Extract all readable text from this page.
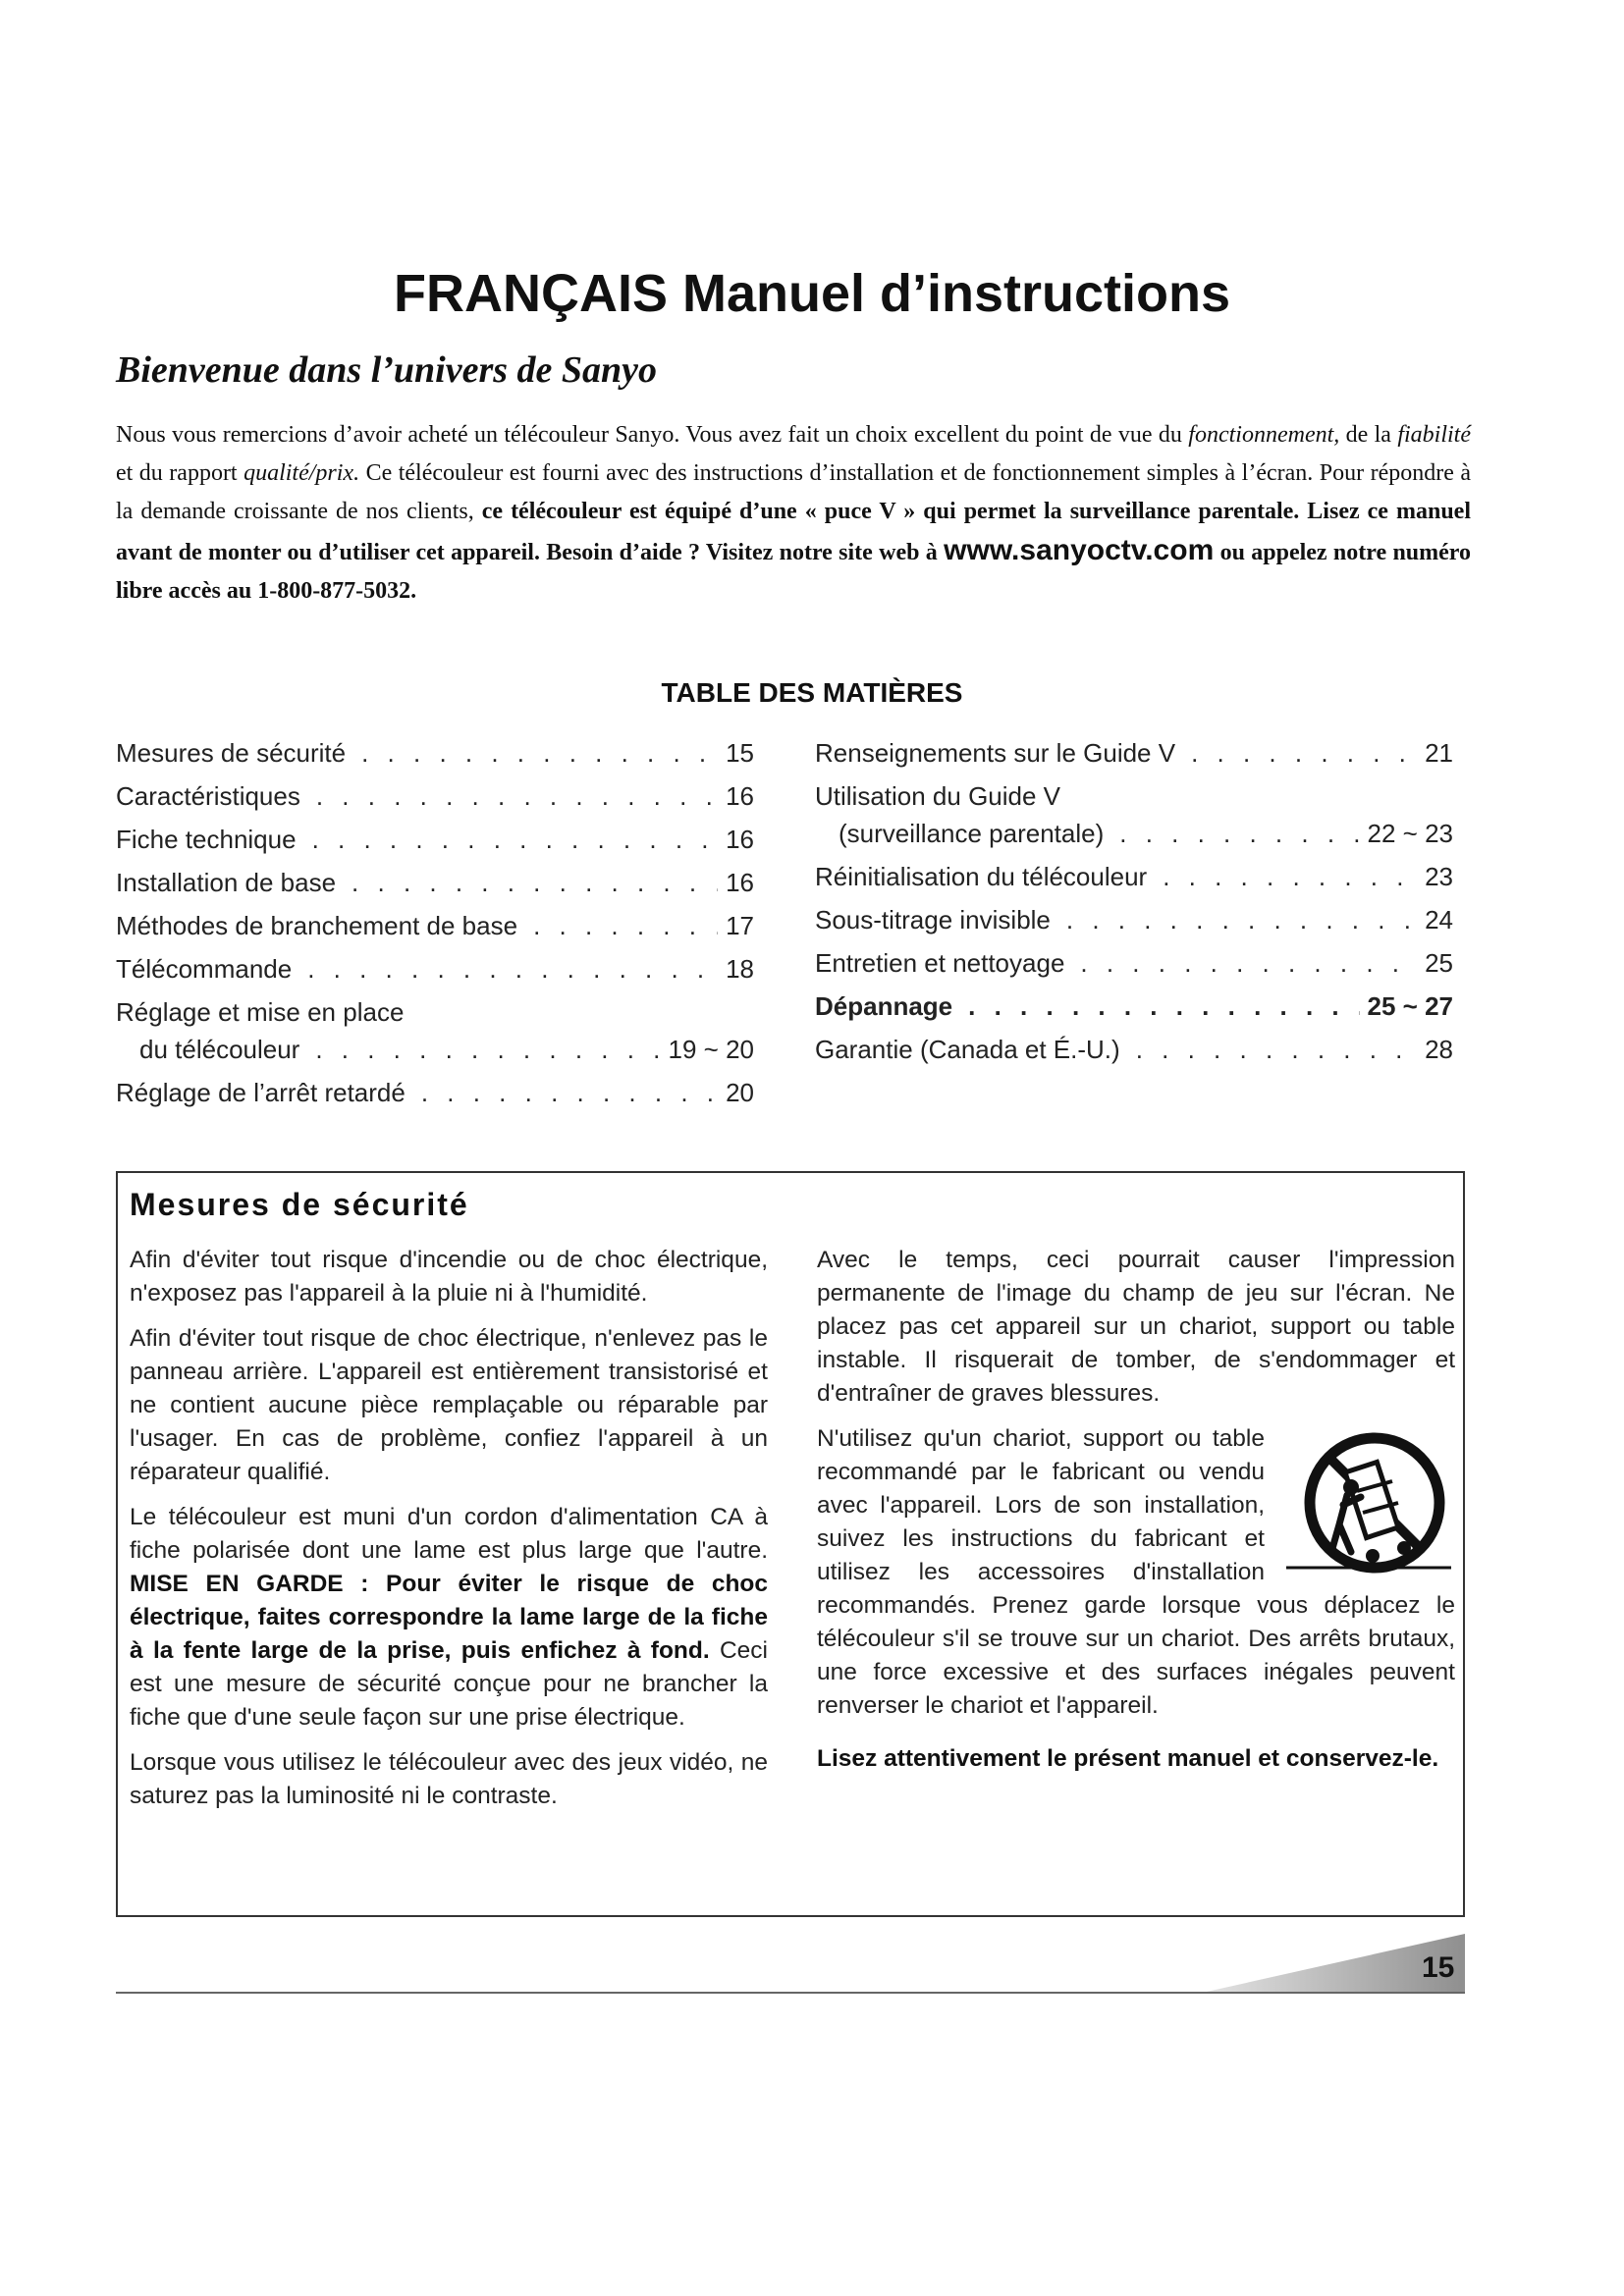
FRANÇAIS Manuel d’instructions
Bienvenue dans l’univers de Sanyo

Nous vous remercions d’avoir acheté un télécouleur Sanyo. Vous avez fait un choix excellent du point de vue du fonctionnement, de la fiabilité et du rapport qualité/prix. Ce télécouleur est fourni avec des instructions d’installation et de fonctionnement simples à l’écran. Pour répondre à la demande croissante de nos clients, ce télécouleur est équipé d’une « puce V » qui permet la surveillance parentale. Lisez ce manuel avant de monter ou d’utiliser cet appareil. Besoin d’aide ? Visitez notre site web à www.sanyoctv.com ou appelez notre numéro libre accès au 1-800-877-5032.

TABLE DES MATIÈRES
Mesures de sécurité . . .	15
Caractéristiques . . .	16
Fiche technique . . .	16
Installation de base . . .	16
Méthodes de branchement de base . . .	17
Télécommande . . .	18
Réglage et mise en place
du télécouleur . . .	19 ~ 20
Réglage de l’arrêt retardé . . .	20
Renseignements sur le Guide V . . .	21
Utilisation du Guide V
(surveillance parentale) . . .	22 ~ 23
Réinitialisation du télécouleur . . .	23
Sous-titrage invisible . . .	24
Entretien et nettoyage . . .	25
Dépannage . . .	25 ~ 27
Garantie (Canada et É.-U.) . . .	28
Mesures de sécurité

Afin d'éviter tout risque d'incendie ou de choc électrique, n'exposez pas l'appareil à la pluie ni à l'humidité.

Afin d'éviter tout risque de choc électrique, n'enlevez pas le panneau arrière. L'appareil est entièrement transistorisé et ne contient aucune pièce remplaçable ou réparable par l'usager. En cas de problème, confiez l'appareil à un réparateur qualifié.

Le télécouleur est muni d'un cordon d'alimentation CA à fiche polarisée dont une lame est plus large que l'autre. MISE EN GARDE : Pour éviter le risque de choc électrique, faites correspondre la lame large de la fiche à la fente large de la prise, puis enfichez à fond. Ceci est une mesure de sécurité conçue pour ne brancher la fiche que d'une seule façon sur une prise électrique.

Lorsque vous utilisez le télécouleur avec des jeux vidéo, ne saturez pas la luminosité ni le contraste.

Avec le temps, ceci pourrait causer l'impression permanente de l'image du champ de jeu sur l'écran. Ne placez pas cet appareil sur un chariot, support ou table instable. Il risquerait de tomber, de s'endommager et d'entraîner de graves blessures.

N'utilisez qu'un chariot, support ou table recommandé par le fabricant ou vendu avec l'appareil. Lors de son installation, suivez les instructions du fabricant et utilisez les accessoires d'installation recommandés. Prenez garde lorsque vous déplacez le télécouleur s'il se trouve sur un chariot. Des arrêts brutaux, une force excessive et des surfaces inégales peuvent renverser le chariot et l'appareil.

Lisez attentivement le présent manuel et conservez-le.

15
